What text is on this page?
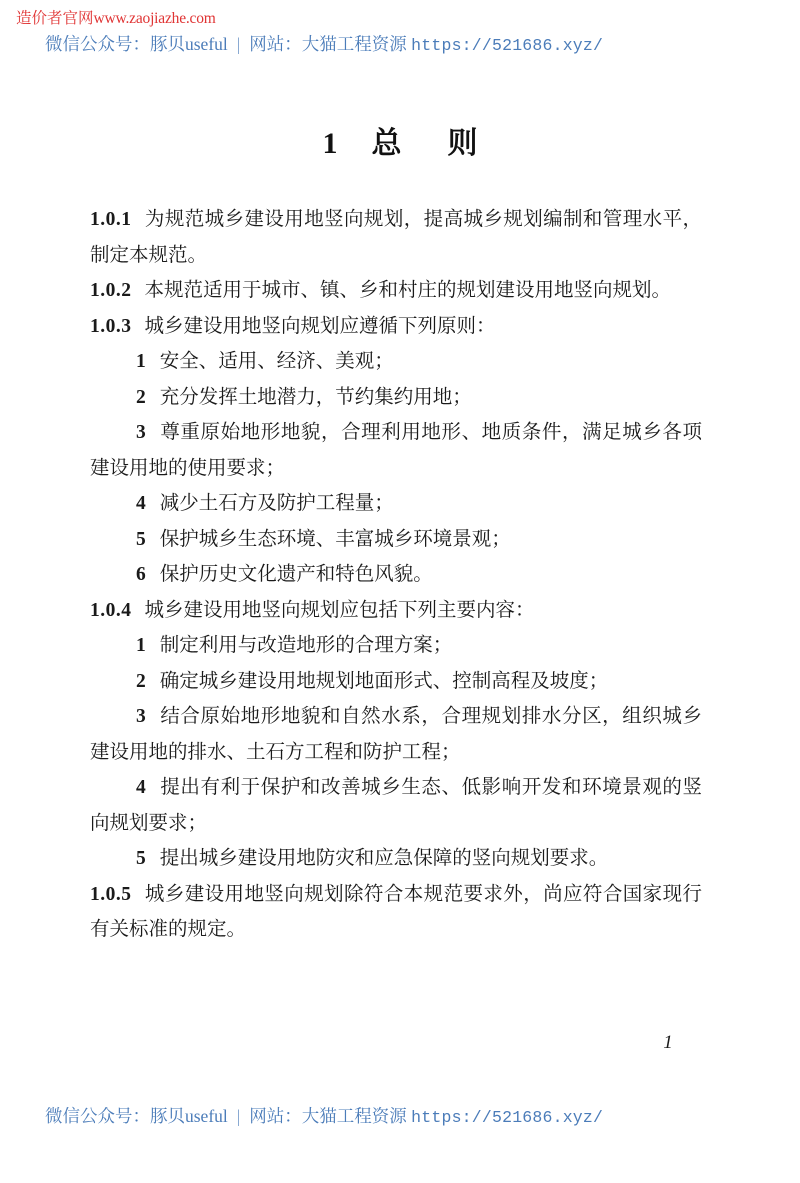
造价者官网www.zaojiazhe.com
微信公众号：豚贝useful | 网站：大猫工程资源 https://521686.xyz/
1 总 则

1.0.1 为规范城乡建设用地竖向规划，提高城乡规划编制和管理水平，制定本规范。

1.0.2 本规范适用于城市、镇、乡和村庄的规划建设用地竖向规划。

1.0.3 城乡建设用地竖向规划应遵循下列原则：

1 安全、适用、经济、美观；

2 充分发挥土地潜力，节约集约用地；

3 尊重原始地形地貌，合理利用地形、地质条件，满足城乡各项建设用地的使用要求；

4 减少土石方及防护工程量；

5 保护城乡生态环境、丰富城乡环境景观；

6 保护历史文化遗产和特色风貌。

1.0.4 城乡建设用地竖向规划应包括下列主要内容：

1 制定利用与改造地形的合理方案；

2 确定城乡建设用地规划地面形式、控制高程及坡度；

3 结合原始地形地貌和自然水系，合理规划排水分区，组织城乡建设用地的排水、土石方工程和防护工程；

4 提出有利于保护和改善城乡生态、低影响开发和环境景观的竖向规划要求；

5 提出城乡建设用地防灾和应急保障的竖向规划要求。

1.0.5 城乡建设用地竖向规划除符合本规范要求外，尚应符合国家现行有关标准的规定。

1
微信公众号：豚贝useful | 网站：大猫工程资源 https://521686.xyz/
